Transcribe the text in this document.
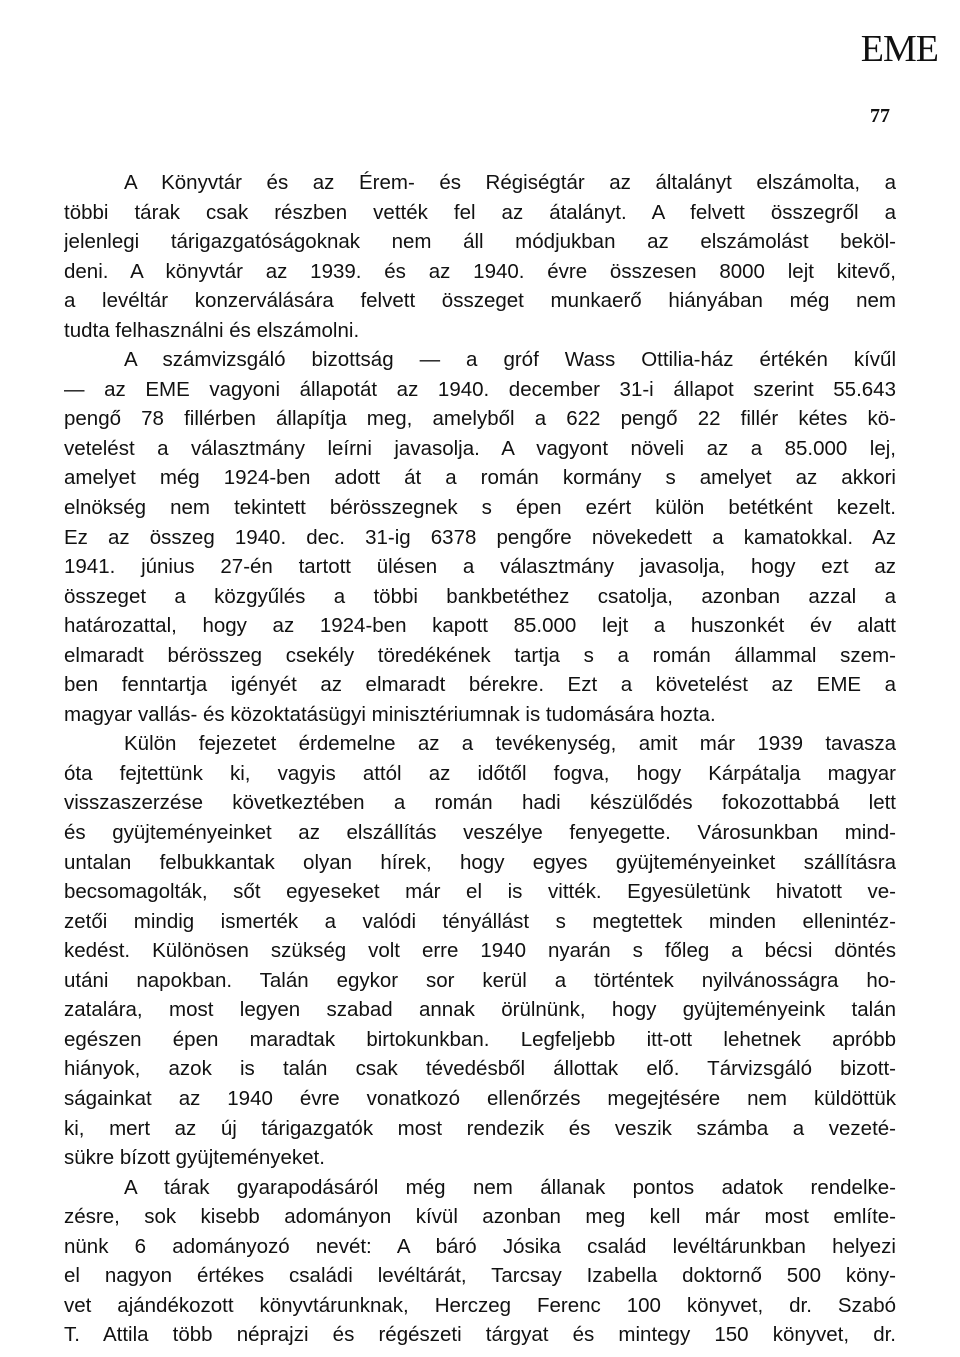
EME
77
A Könyvtár és az Érem- és Régiségtár az általányt elszámolta, a
többi tárak csak részben vették fel az átalányt. A felvett összegről a
jelenlegi tárigazgatóságoknak nem áll módjukban az elszámolást beköl-
deni. A könyvtár az 1939. és az 1940. évre összesen 8000 lejt kitevő,
a levéltár konzerválására felvett összeget munkaerő hiányában még nem
tudta felhasználni és elszámolni.
A számvizsgáló bizottság — a gróf Wass Ottilia-ház értékén kívűl
— az EME vagyoni állapotát az 1940. december 31-i állapot szerint 55.643
pengő 78 fillérben állapítja meg, amelyből a 622 pengő 22 fillér kétes kö-
vetelést a választmány leírni javasolja. A vagyont növeli az a 85.000 lej,
amelyet még 1924-ben adott át a román kormány s amelyet az akkori
elnökség nem tekintett bérösszegnek s épen ezért külön betétként kezelt.
Ez az összeg 1940. dec. 31-ig 6378 pengőre növekedett a kamatokkal. Az
1941. június 27-én tartott ülésen a választmány javasolja, hogy ezt az
összeget a közgyűlés a többi bankbetéthez csatolja, azonban azzal a
határozattal, hogy az 1924-ben kapott 85.000 lejt a huszonkét év alatt
elmaradt bérösszeg csekély töredékének tartja s a román állammal szem-
ben fenntartja igényét az elmaradt bérekre. Ezt a követelést az EME a
magyar vallás- és közoktatásügyi minisztériumnak is tudomására hozta.
Külön fejezetet érdemelne az a tevékenység, amit már 1939 tavasza
óta fejtettünk ki, vagyis attól az időtől fogva, hogy Kárpátalja magyar
visszaszerzése következtében a román hadi készülődés fokozottabbá lett
és gyüjteményeinket az elszállítás veszélye fenyegette. Városunkban mind-
untalan felbukkantak olyan hírek, hogy egyes gyüjteményeinket szállításra
becsomagolták, sőt egyeseket már el is vitték. Egyesületünk hivatott ve-
zetői mindig ismerték a valódi tényállást s megtettek minden ellenintéz-
kedést. Különösen szükség volt erre 1940 nyarán s főleg a bécsi döntés
utáni napokban. Talán egykor sor kerül a történtek nyilvánosságra ho-
zatalára, most legyen szabad annak örülnünk, hogy gyüjteményeink talán
egészen épen maradtak birtokunkban. Legfeljebb itt-ott lehetnek apróbb
hiányok, azok is talán csak tévedésből állottak elő. Tárvizsgáló bizott-
ságainkat az 1940 évre vonatkozó ellenőrzés megejtésére nem küldöttük
ki, mert az új tárigazgatók most rendezik és veszik számba a vezeté-
sükre bízott gyüjteményeket.
A tárak gyarapodásáról még nem állanak pontos adatok rendelke-
zésre, sok kisebb adományon kívül azonban meg kell már most említe-
nünk 6 adományozó nevét: A báró Jósika család levéltárunkban helyezi
el nagyon értékes családi levéltárát, Tarcsay Izabella doktornő 500 köny-
vet ajándékozott könyvtárunknak, Herczeg Ferenc 100 könyvet, dr. Szabó
T. Attila több néprajzi és régészeti tárgyat és mintegy 150 könyvet, dr.
